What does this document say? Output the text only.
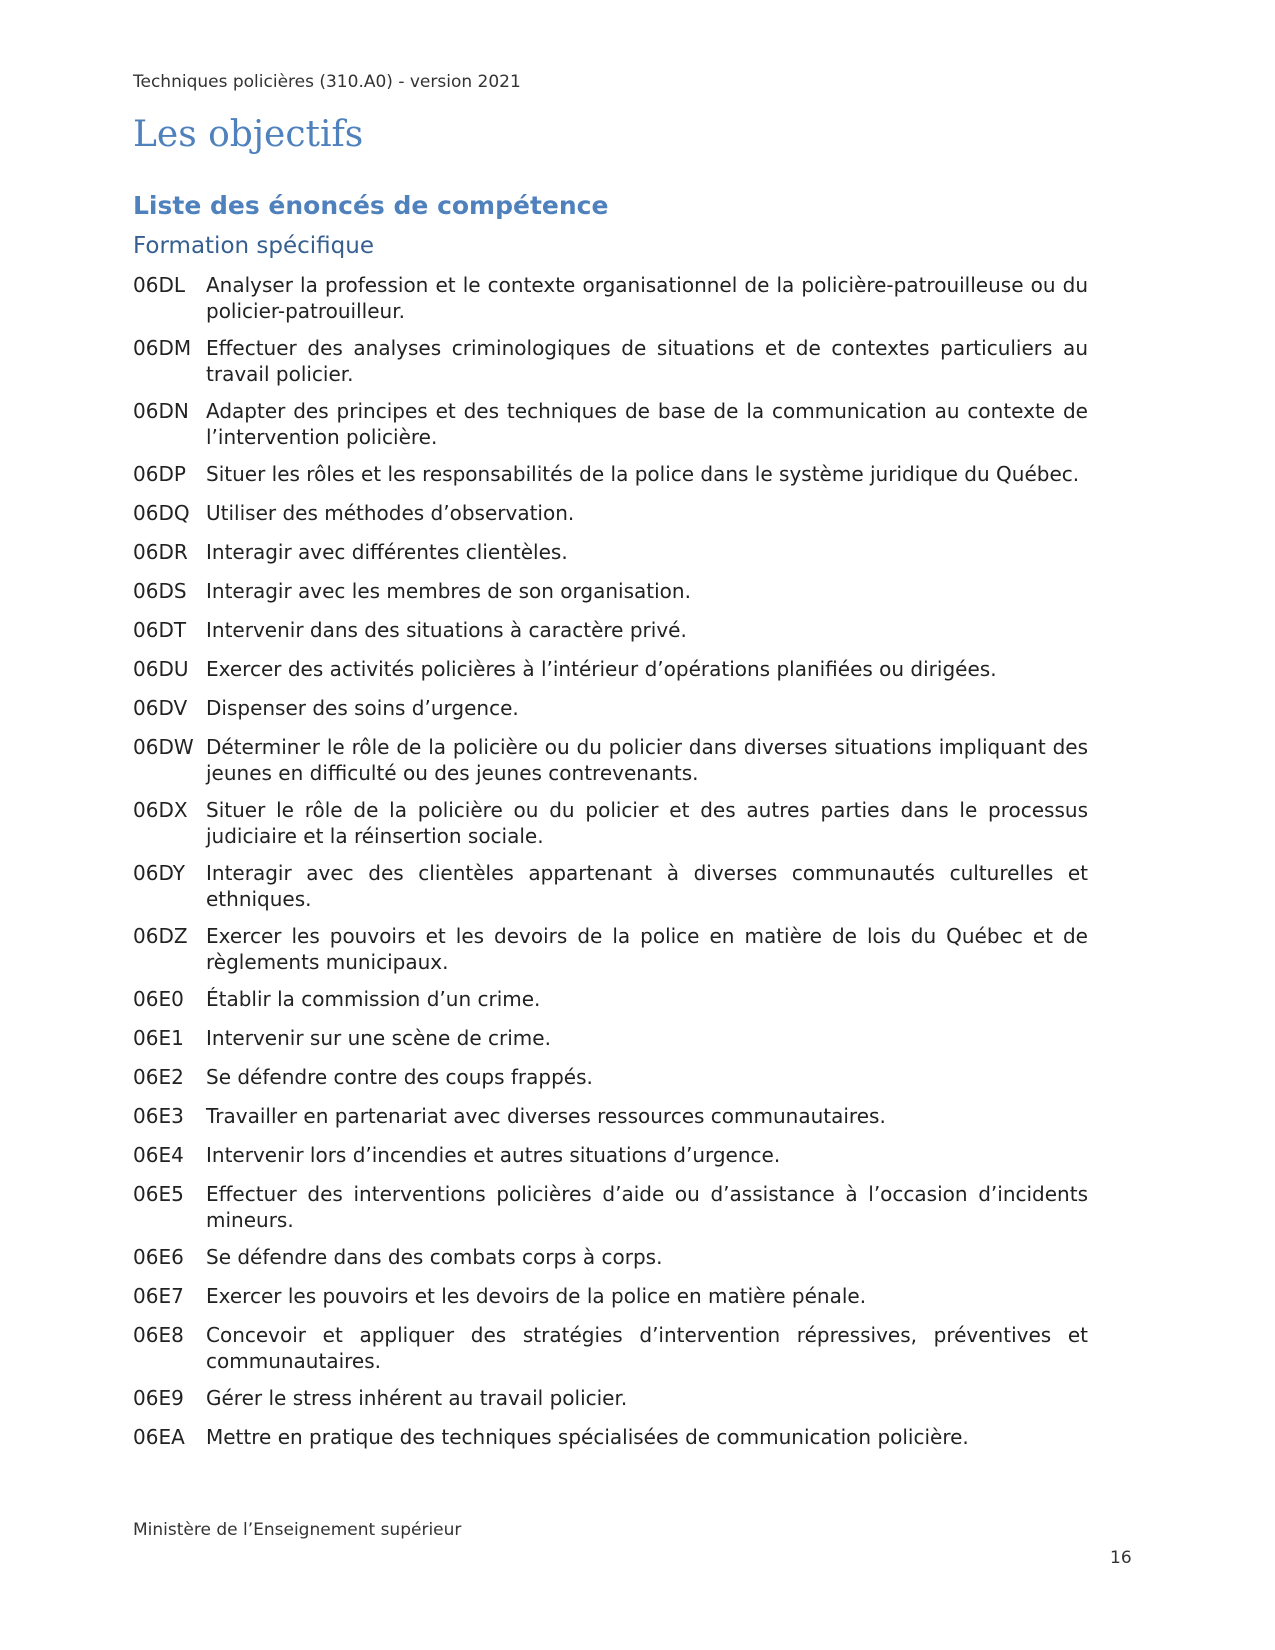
Techniques policières (310.A0) - version 2021
Les objectifs
Liste des énoncés de compétence
Formation spécifique
06DL	Analyser la profession et le contexte organisationnel de la policière-patrouilleuse ou du policier-patrouilleur.
06DM Effectuer des analyses criminologiques de situations et de contextes particuliers au travail policier.
06DN Adapter des principes et des techniques de base de la communication au contexte de l’intervention policière.
06DP	Situer les rôles et les responsabilités de la police dans le système juridique du Québec.
06DQ Utiliser des méthodes d’observation.
06DR Interagir avec différentes clientèles.
06DS Interagir avec les membres de son organisation.
06DT Intervenir dans des situations à caractère privé.
06DU Exercer des activités policières à l’intérieur d’opérations planifiées ou dirigées.
06DV Dispenser des soins d’urgence.
06DW Déterminer le rôle de la policière ou du policier dans diverses situations impliquant des jeunes en difficulté ou des jeunes contrevenants.
06DX Situer le rôle de la policière ou du policier et des autres parties dans le processus judiciaire et la réinsertion sociale.
06DY	Interagir avec des clientèles appartenant à diverses communautés culturelles et ethniques.
06DZ Exercer les pouvoirs et les devoirs de la police en matière de lois du Québec et de règlements municipaux.
06E0	Établir la commission d’un crime.
06E1	Intervenir sur une scène de crime.
06E2	Se défendre contre des coups frappés.
06E3	Travailler en partenariat avec diverses ressources communautaires.
06E4	Intervenir lors d’incendies et autres situations d’urgence.
06E5	Effectuer des interventions policières d’aide ou d’assistance à l’occasion d’incidents mineurs.
06E6	Se défendre dans des combats corps à corps.
06E7	Exercer les pouvoirs et les devoirs de la police en matière pénale.
06E8	Concevoir et appliquer des stratégies d’intervention répressives, préventives et communautaires.
06E9	Gérer le stress inhérent au travail policier.
06EA	Mettre en pratique des techniques spécialisées de communication policière.
Ministère de l’Enseignement supérieur
16
